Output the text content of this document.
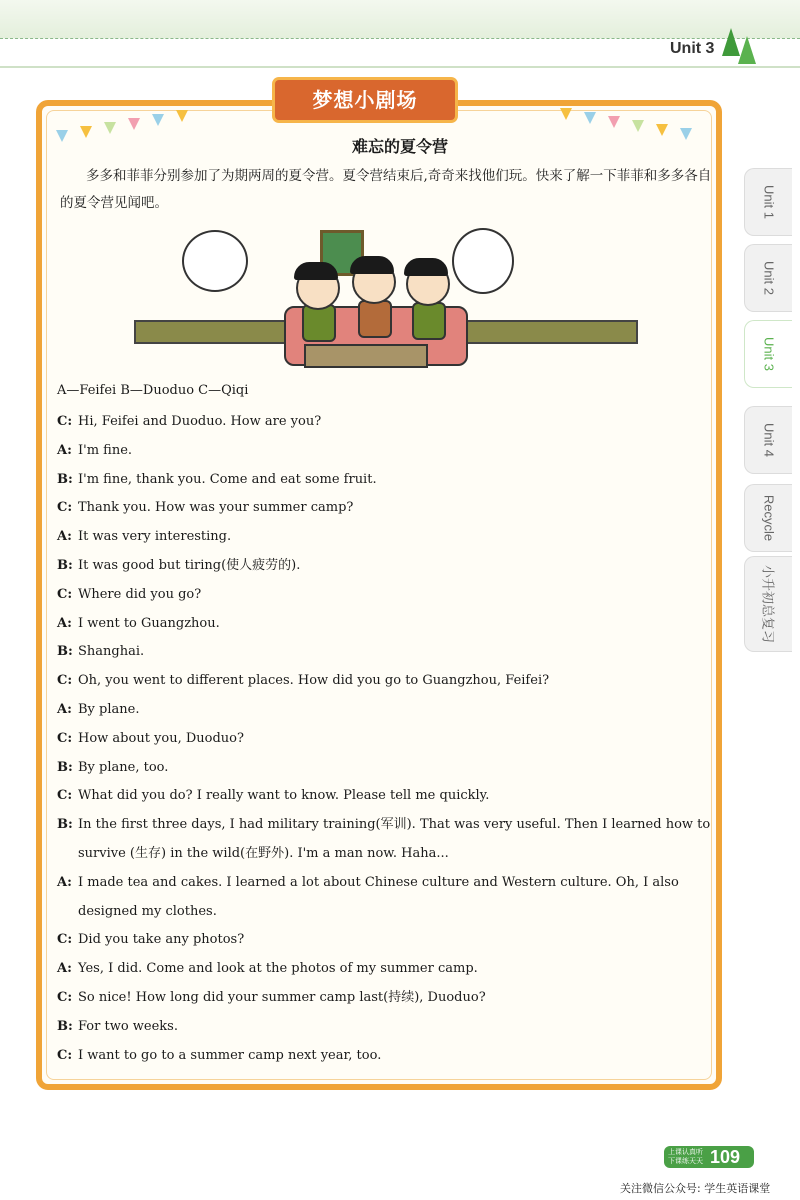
Unit 3
梦想小剧场
难忘的夏令营
多多和菲菲分别参加了为期两周的夏令营。夏令营结束后,奇奇来找他们玩。快来了解一下菲菲和多多各自的夏令营见闻吧。
A—Feifei B—Duoduo C—Qiqi
C: Hi, Feifei and Duoduo. How are you?
A: I'm fine.
B: I'm fine, thank you. Come and eat some fruit.
C: Thank you. How was your summer camp?
A: It was very interesting.
B: It was good but tiring(使人疲劳的).
C: Where did you go?
A: I went to Guangzhou.
B: Shanghai.
C: Oh, you went to different places. How did you go to Guangzhou, Feifei?
A: By plane.
C: How about you, Duoduo?
B: By plane, too.
C: What did you do? I really want to know. Please tell me quickly.
B: In the first three days, I had military training(军训). That was very useful. Then I learned how to survive (生存) in the wild(在野外). I'm a man now. Haha...
A: I made tea and cakes. I learned a lot about Chinese culture and Western culture. Oh, I also designed my clothes.
C: Did you take any photos?
A: Yes, I did. Come and look at the photos of my summer camp.
C: So nice! How long did your summer camp last(持续), Duoduo?
B: For two weeks.
C: I want to go to a summer camp next year, too.
Unit 1
Unit 2
Unit 3
Unit 4
Recycle
小升初总复习
上课认真听
下课练天天 109
关注微信公众号: 学生英语课堂
